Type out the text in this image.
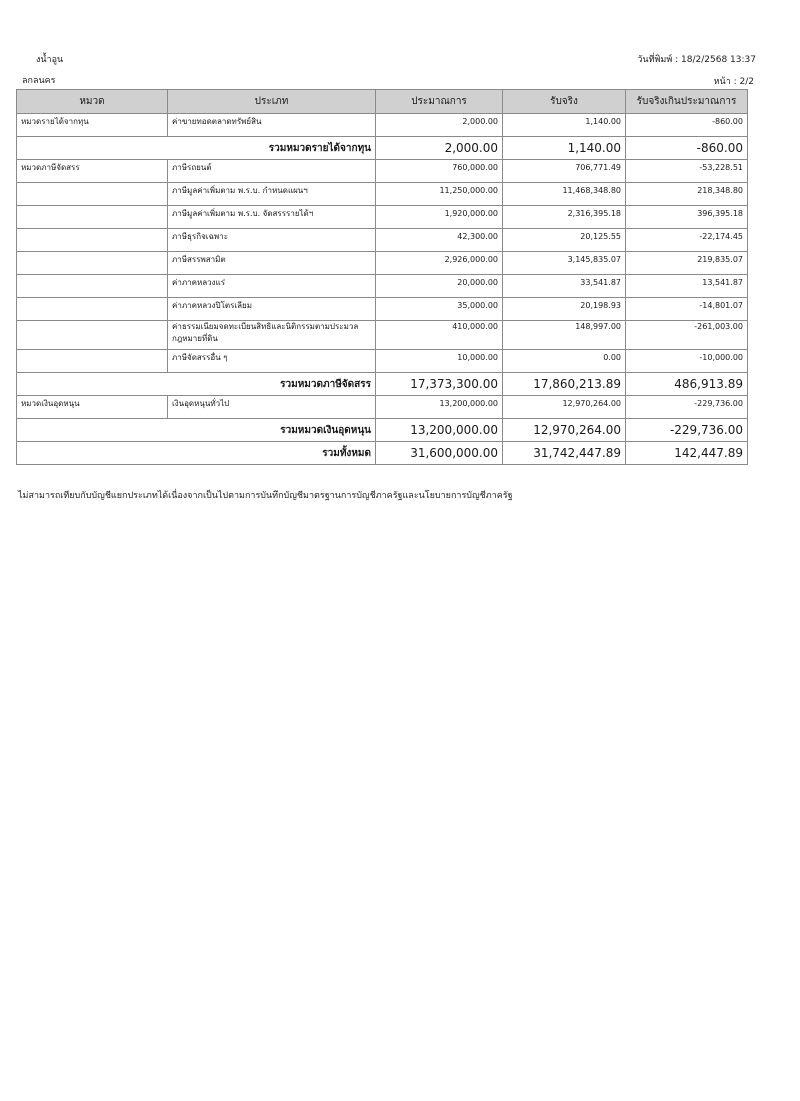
งน้ำอูน
ลกลนคร
วันที่พิมพ์ : 18/2/2568 13:37
หน้า : 2/2
หมวด	ประเภท	ประมาณการ	รับจริง	รับจริงเกินประมาณการ
หมวดรายได้จากทุน	ค่าขายทอดตลาดทรัพย์สิน	2,000.00	1,140.00	-860.00
รวมหมวดรายได้จากทุน		2,000.00	1,140.00	-860.00
หมวดภาษีจัดสรร	ภาษีรถยนต์	760,000.00	706,771.49	-53,228.51
	ภาษีมูลค่าเพิ่มตาม พ.ร.บ. กำหนดแผนฯ	11,250,000.00	11,468,348.80	218,348.80
	ภาษีมูลค่าเพิ่มตาม พ.ร.บ. จัดสรรรายได้ฯ	1,920,000.00	2,316,395.18	396,395.18
	ภาษีธุรกิจเฉพาะ	42,300.00	20,125.55	-22,174.45
	ภาษีสรรพสามิต	2,926,000.00	3,145,835.07	219,835.07
	ค่าภาคหลวงแร่	20,000.00	33,541.87	13,541.87
	ค่าภาคหลวงปิโตรเลียม	35,000.00	20,198.93	-14,801.07
	ค่าธรรมเนียมจดทะเบียนสิทธิและนิติกรรมตามประมวลกฎหมายที่ดิน	410,000.00	148,997.00	-261,003.00
	ภาษีจัดสรรอื่น ๆ	10,000.00	0.00	-10,000.00
รวมหมวดภาษีจัดสรร		17,373,300.00	17,860,213.89	486,913.89
หมวดเงินอุดหนุน	เงินอุดหนุนทั่วไป	13,200,000.00	12,970,264.00	-229,736.00
รวมหมวดเงินอุดหนุน		13,200,000.00	12,970,264.00	-229,736.00
รวมทั้งหมด		31,600,000.00	31,742,447.89	142,447.89
ไม่สามารถเทียบกับบัญชีแยกประเภทได้เนื่องจากเป็นไปตามการบันทึกบัญชีมาตรฐานการบัญชีภาครัฐและนโยบายการบัญชีภาครัฐ
